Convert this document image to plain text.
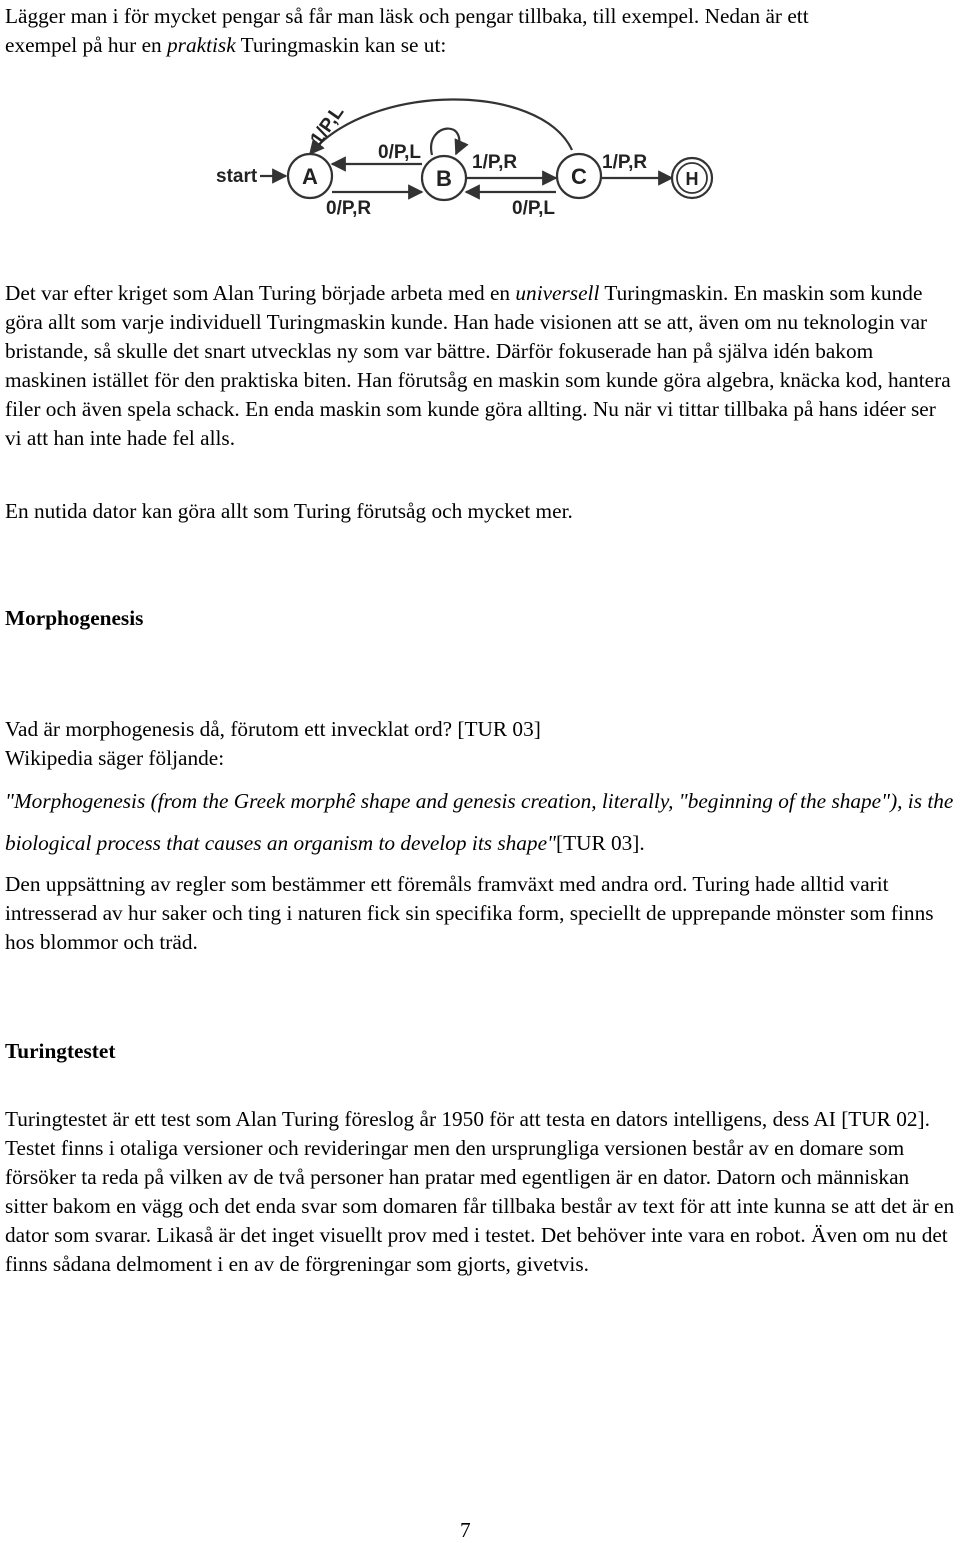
Lägger man i för mycket pengar så får man läsk och pengar tillbaka, till exempel. Nedan är ett
exempel på hur en praktisk Turingmaskin kan se ut:

start
1/P,L
0/P,L
0/P,R
1/P,R
0/P,L
1/P,R
A	B	C	H

Det var efter kriget som Alan Turing började arbeta med en universell Turingmaskin. En maskin som kunde göra allt som varje individuell Turingmaskin kunde. Han hade visionen att se att, även om nu teknologin var bristande, så skulle det snart utvecklas ny som var bättre. Därför fokuserade han på själva idén bakom maskinen istället för den praktiska biten. Han förutsåg en maskin som kunde göra algebra, knäcka kod, hantera filer och även spela schack. En enda maskin som kunde göra allting. Nu när vi tittar tillbaka på hans idéer ser vi att han inte hade fel alls.

En nutida dator kan göra allt som Turing förutsåg och mycket mer.

Morphogenesis

Vad är morphogenesis då, förutom ett invecklat ord? [TUR 03]
Wikipedia säger följande:

"Morphogenesis (from the Greek morphê shape and genesis creation, literally, "beginning of the shape"), is the biological process that causes an organism to develop its shape"[TUR 03].

Den uppsättning av regler som bestämmer ett föremåls framväxt med andra ord. Turing hade alltid varit intresserad av hur saker och ting i naturen fick sin specifika form, speciellt de upprepande mönster som finns hos blommor och träd.

Turingtestet

Turingtestet är ett test som Alan Turing föreslog år 1950 för att testa en dators intelligens, dess AI [TUR 02]. Testet finns i otaliga versioner och revideringar men den ursprungliga versionen består av en domare som försöker ta reda på vilken av de två personer han pratar med egentligen är en dator. Datorn och människan sitter bakom en vägg och det enda svar som domaren får tillbaka består av text för att inte kunna se att det är en dator som svarar. Likaså är det inget visuellt prov med i testet. Det behöver inte vara en robot. Även om nu det finns sådana delmoment i en av de förgreningar som gjorts, givetvis.

7
